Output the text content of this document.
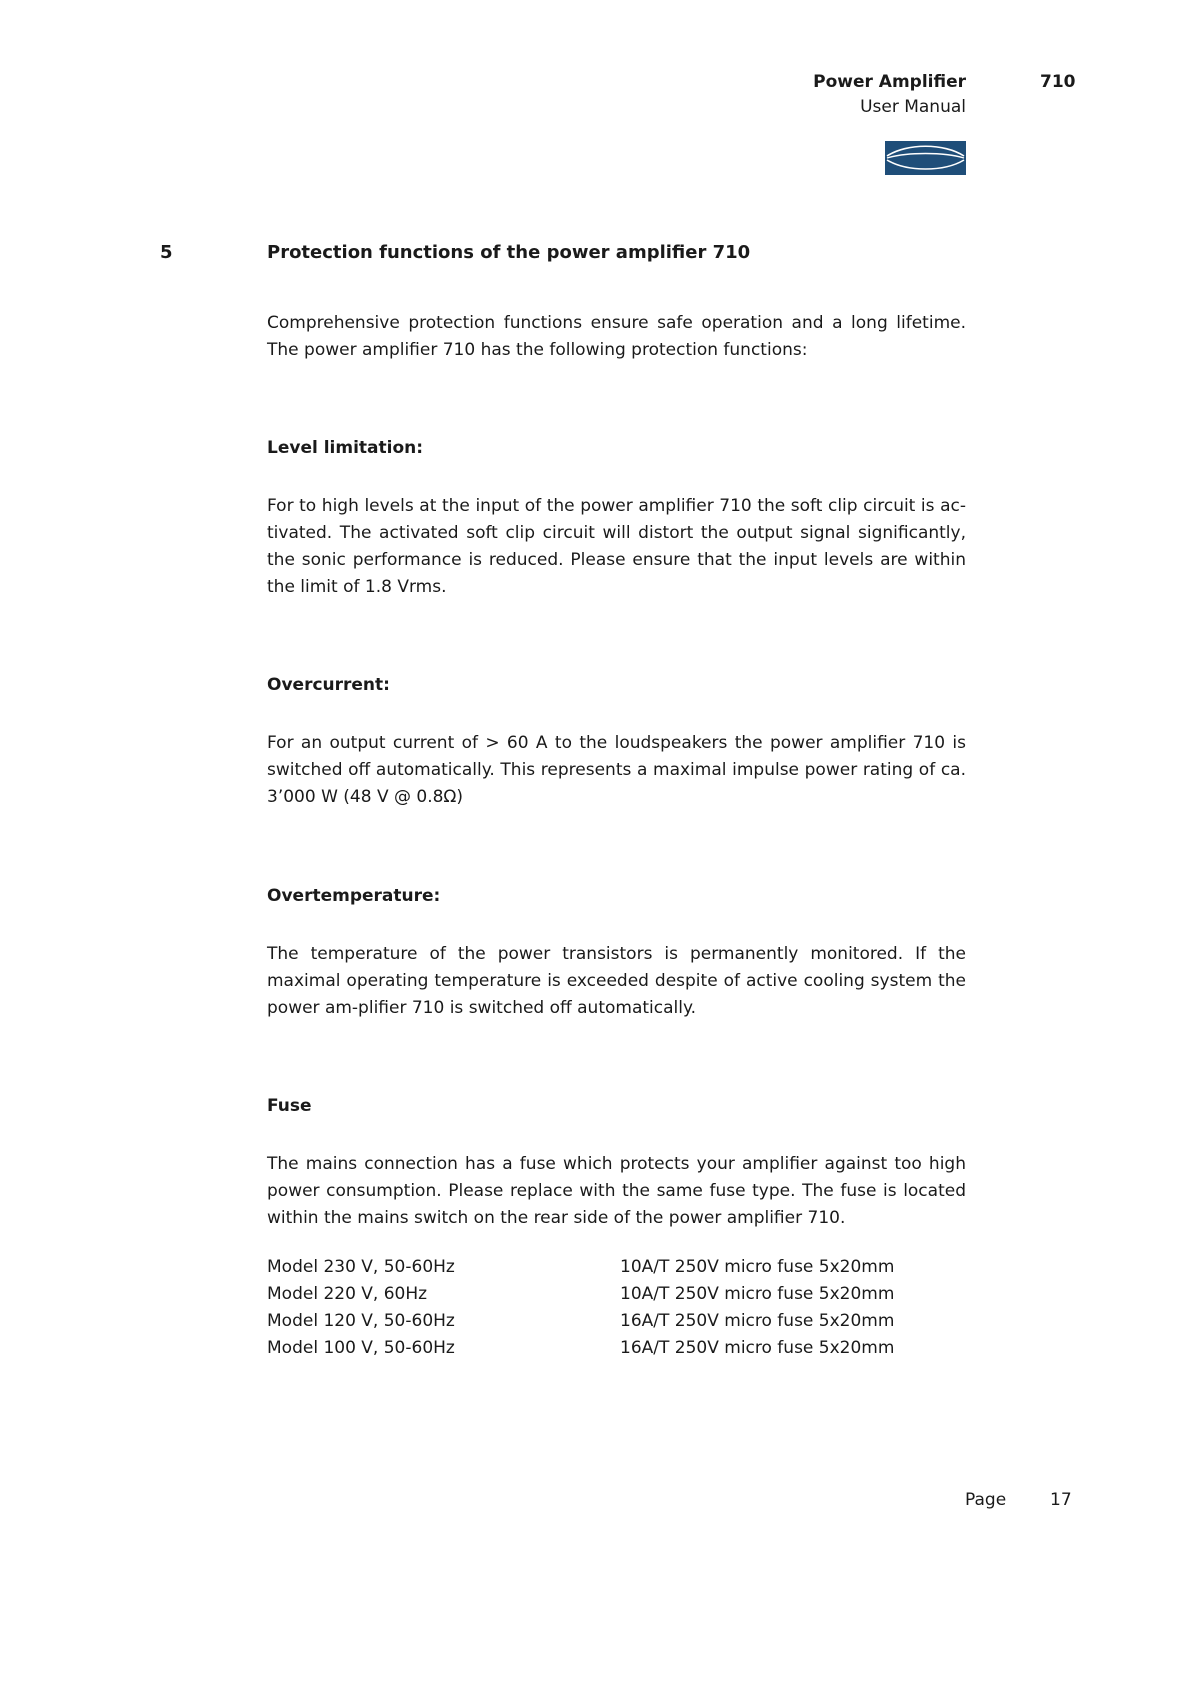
Power Amplifier	710
User Manual
5	Protection functions of the power amplifier 710

Comprehensive protection functions ensure safe operation and a long lifetime. The power amplifier 710 has the following protection functions:

Level limitation:

For to high levels at the input of the power amplifier 710 the soft clip circuit is ac-tivated. The activated soft clip circuit will distort the output signal significantly, the sonic performance is reduced. Please ensure that the input levels are within the limit of 1.8 Vrms.

Overcurrent:

For an output current of > 60 A to the loudspeakers the power amplifier 710 is switched off automatically. This represents a maximal impulse power rating of ca. 3’000 W (48 V @ 0.8Ω)

Overtemperature:

The temperature of the power transistors is permanently monitored. If the maximal operating temperature is exceeded despite of active cooling system the power am-plifier 710 is switched off automatically.

Fuse

The mains connection has a fuse which protects your amplifier against too high power consumption. Please replace with the same fuse type. The fuse is located within the mains switch on the rear side of the power amplifier 710.

Model 230 V, 50-60Hz	10A/T 250V micro fuse 5x20mm
Model 220 V, 60Hz	10A/T 250V micro fuse 5x20mm
Model 120 V, 50-60Hz	16A/T 250V micro fuse 5x20mm
Model 100 V, 50-60Hz	16A/T 250V micro fuse 5x20mm
Page	17
